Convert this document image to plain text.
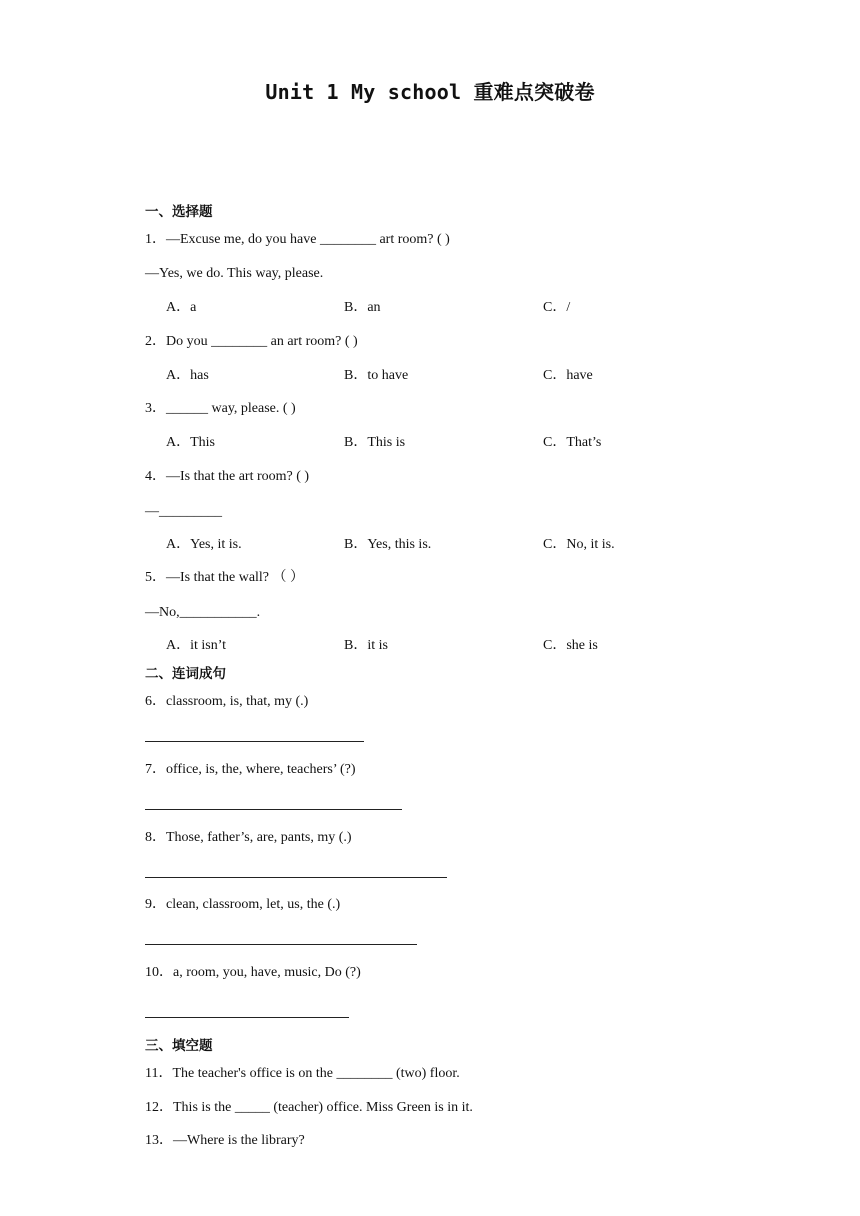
Unit 1 My school 重难点突破卷
一、选择题
1．—Excuse me, do you have ________ art room? ( )
—Yes, we do. This way, please.
A．a	B．an	C．/
2．Do you ________ an art room? ( )
A．has	B．to have	C．have
3．______ way, please. ( )
A．This	B．This is	C．That’s
4．—Is that the art room? ( )
—_________
A．Yes, it is.	B．Yes, this is.	C．No, it is.
5．—Is that the wall? （ ）
—No,___________.
A．it isn’t	B．it is	C．she is
二、连词成句
6．classroom, is, that, my (.)
7．office, is, the, where, teachers’ (?)
8．Those, father’s, are, pants, my (.)
9．clean, classroom, let, us, the (.)
10．a, room, you, have, music, Do (?)
三、填空题
11．The teacher's office is on the ________ (two) floor.
12．This is the _____ (teacher) office. Miss Green is in it.
13．—Where is the library?
